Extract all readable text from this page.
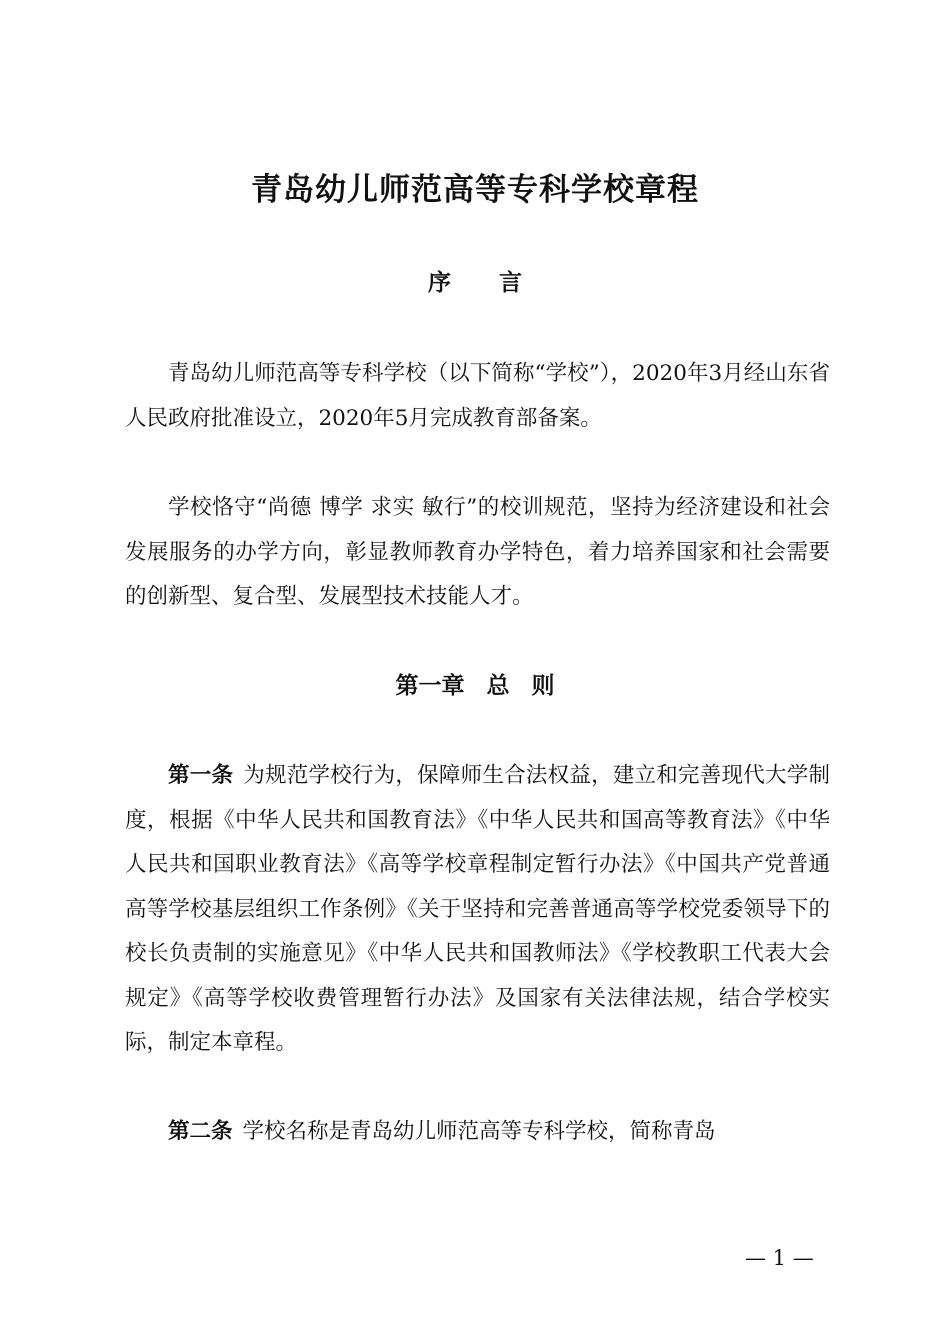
青岛幼儿师范高等专科学校章程
序 言

青岛幼儿师范高等专科学校（以下简称“学校”），2020年3月经山东省人民政府批准设立，2020年5月完成教育部备案。

学校恪守“尚德 博学 求实 敏行”的校训规范，坚持为经济建设和社会发展服务的办学方向，彰显教师教育办学特色，着力培养国家和社会需要的创新型、复合型、发展型技术技能人才。

第一章 总 则

第一条 为规范学校行为，保障师生合法权益，建立和完善现代大学制度，根据《中华人民共和国教育法》《中华人民共和国高等教育法》《中华人民共和国职业教育法》《高等学校章程制定暂行办法》《中国共产党普通高等学校基层组织工作条例》《关于坚持和完善普通高等学校党委领导下的校长负责制的实施意见》《中华人民共和国教师法》《学校教职工代表大会规定》《高等学校收费管理暂行办法》及国家有关法律法规，结合学校实际，制定本章程。

第二条 学校名称是青岛幼儿师范高等专科学校，简称青岛

— 1 —
